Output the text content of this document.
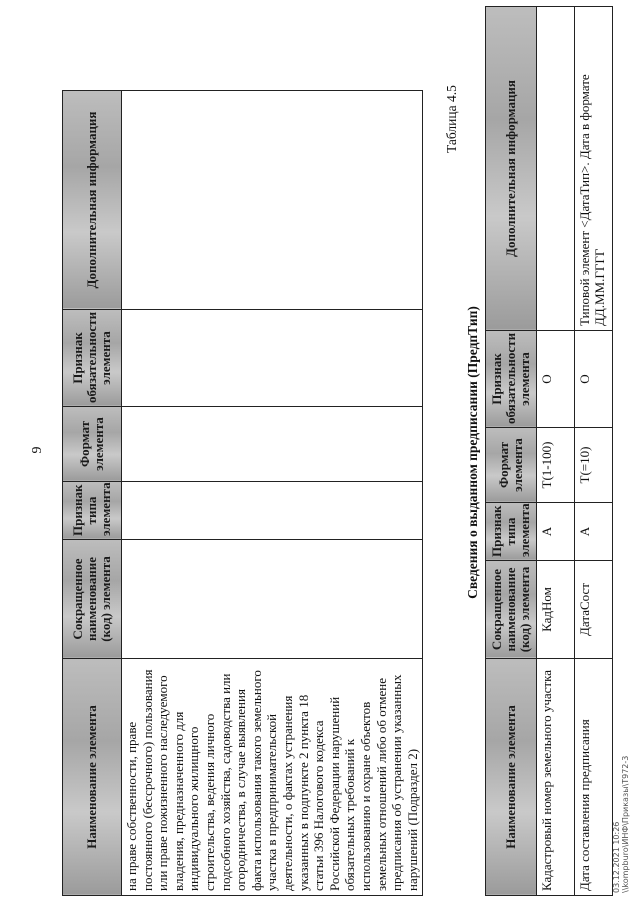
9
Наименование элемента	Сокращенное наименование (код) элемента	Признак типа элемента	Формат элемента	Признак обязательности элемента	Дополнительная информация
на праве собственности, праве постоянного (бессрочного) пользования или праве пожизненного наследуемого владения, предназначенного для индивидуального жилищного строительства, ведения личного подсобного хозяйства, садоводства или огородничества, в случае выявления факта использования такого земельного участка в предпринимательской деятельности, о фактах устранения указанных в подпункте 2 пункта 18 статьи 396 Налогового кодекса Российской Федерации нарушений обязательных требований к использованию и охране объектов земельных отношений либо об отмене предписания об устранении указанных нарушений (Подраздел 2)					
Таблица 4.5
Сведения о выданном предписании (ПредпТип)
Наименование элемента	Сокращенное наименование (код) элемента	Признак типа элемента	Формат элемента	Признак обязательности элемента	Дополнительная информация
Кадастровый номер земельного участка	КадНом	А	T(1-100)	О	
Дата составления предписания	ДатаСост	А	T(=10)	О	Типовой элемент <ДатаТип>. Дата в формате ДД.ММ.ГГГГ
03.12.2021 10:26 \\kompburo\ИНФ\Приказы\Т972-3
